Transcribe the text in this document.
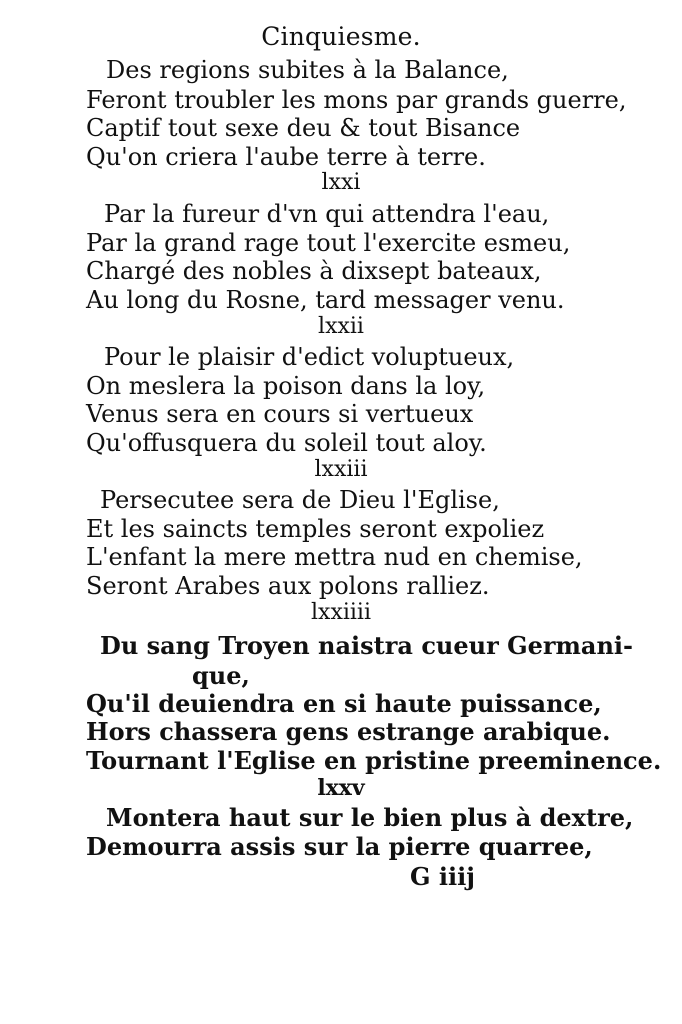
Cinquiesme.
Des regions subites à la Balance,
Feront troubler les mons par grands guerre,
Captif tout sexe deu & tout Bisance
Qu'on criera l'aube terre à terre.
lxxi
Par la fureur d'vn qui attendra l'eau,
Par la grand rage tout l'exercite esmeu,
Chargé des nobles à dixsept bateaux,
Au long du Rosne, tard messager venu.
lxxii
Pour le plaisir d'edict voluptueux,
On meslera la poison dans la loy,
Venus sera en cours si vertueux
Qu'offusquera du soleil tout aloy.
lxxiii
Persecutee sera de Dieu l'Eglise,
Et les saincts temples seront expoliez
L'enfant la mere mettra nud en chemise,
Seront Arabes aux polons ralliez.
lxxiiii
Du sang Troyen naistra cueur Germani-
que,
Qu'il deuiendra en si haute puissance,
Hors chassera gens estrange arabique.
Tournant l'Eglise en pristine preeminence.
lxxv
Montera haut sur le bien plus à dextre,
Demourra assis sur la pierre quarree,
G iiij
